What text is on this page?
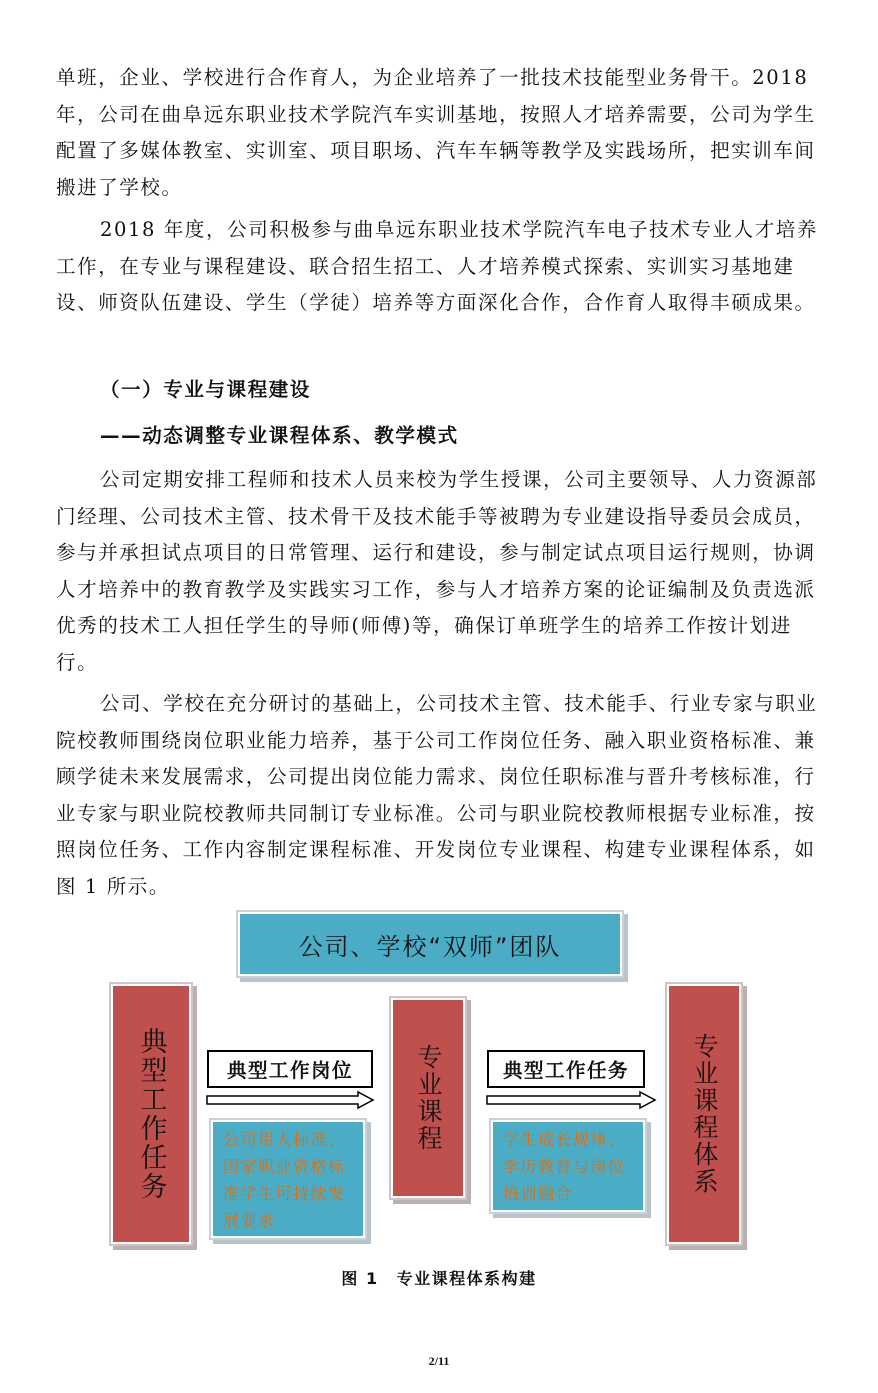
单班，企业、学校进行合作育人，为企业培养了一批技术技能型业务骨干。2018年，公司在曲阜远东职业技术学院汽车实训基地，按照人才培养需要，公司为学生配置了多媒体教室、实训室、项目职场、汽车车辆等教学及实践场所，把实训车间搬进了学校。

2018 年度，公司积极参与曲阜远东职业技术学院汽车电子技术专业人才培养工作，在专业与课程建设、联合招生招工、人才培养模式探索、实训实习基地建设、师资队伍建设、学生（学徒）培养等方面深化合作，合作育人取得丰硕成果。

（一）专业与课程建设
——动态调整专业课程体系、教学模式

公司定期安排工程师和技术人员来校为学生授课，公司主要领导、人力资源部门经理、公司技术主管、技术骨干及技术能手等被聘为专业建设指导委员会成员，参与并承担试点项目的日常管理、运行和建设，参与制定试点项目运行规则，协调人才培养中的教育教学及实践实习工作，参与人才培养方案的论证编制及负责选派优秀的技术工人担任学生的导师(师傅)等，确保订单班学生的培养工作按计划进行。

公司、学校在充分研讨的基础上，公司技术主管、技术能手、行业专家与职业院校教师围绕岗位职业能力培养，基于公司工作岗位任务、融入职业资格标准、兼顾学徒未来发展需求，公司提出岗位能力需求、岗位任职标准与晋升考核标准，行业专家与职业院校教师共同制订专业标准。公司与职业院校教师根据专业标准，按照岗位任务、工作内容制定课程标准、开发岗位专业课程、构建专业课程体系，如图 1 所示。

公司、学校“双师”团队
典型工作任务	专业课程	专业课程体系
典型工作岗位	典型工作任务
公司用人标准、国家职业资格标准学生可持续发展要求
学生成长规律、学历教育与岗位培训融合
图 1 专业课程体系构建
2/11
